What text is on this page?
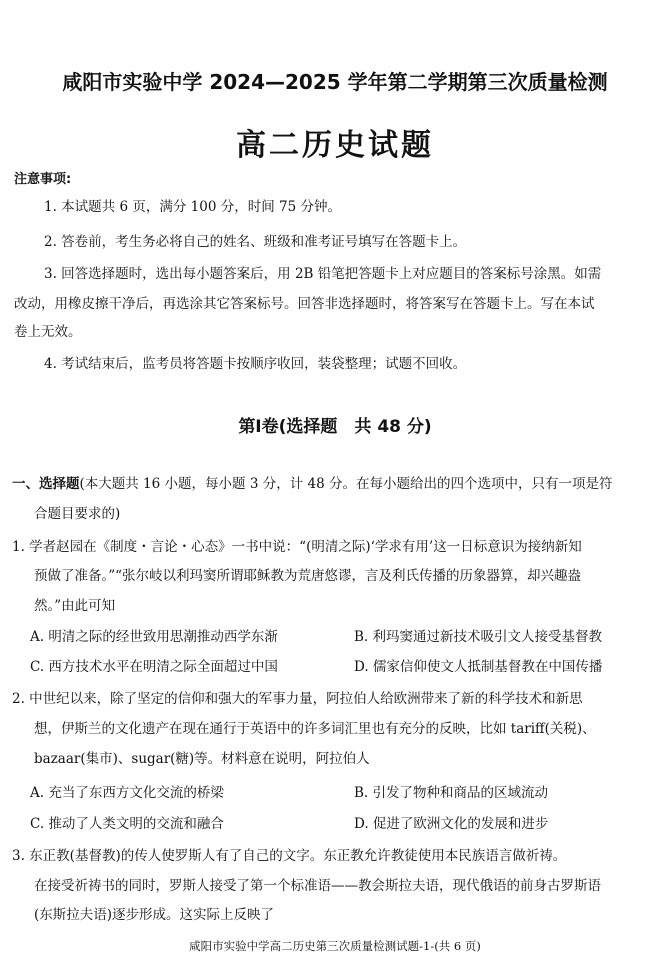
咸阳市实验中学 2024—2025 学年第二学期第三次质量检测
高二历史试题
注意事项:
1. 本试题共 6 页，满分 100 分，时间 75 分钟。
2. 答卷前，考生务必将自己的姓名、班级和准考证号填写在答题卡上。
3. 回答选择题时，选出每小题答案后，用 2B 铅笔把答题卡上对应题目的答案标号涂黑。如需
改动，用橡皮擦干净后，再选涂其它答案标号。回答非选择题时，将答案写在答题卡上。写在本试
卷上无效。
4. 考试结束后，监考员将答题卡按顺序收回，装袋整理；试题不回收。
第Ⅰ卷(选择题　共 48 分)
一、选择题(本大题共 16 小题，每小题 3 分，计 48 分。在每小题给出的四个选项中，只有一项是符
合题目要求的)
1. 学者赵园在《制度・言论・心态》一书中说：“(明清之际)‘学求有用’这一日标意识为接纳新知
预做了准备。”“张尔岐以利玛窦所谓耶稣教为荒唐悠谬，言及利氏传播的历象器算，却兴趣盎
然。”由此可知
A. 明清之际的经世致用思潮推动西学东渐	B. 利玛窦通过新技术吸引文人接受基督教
C. 西方技术水平在明清之际全面超过中国	D. 儒家信仰使文人抵制基督教在中国传播
2. 中世纪以来，除了坚定的信仰和强大的军事力量，阿拉伯人给欧洲带来了新的科学技术和新思
想，伊斯兰的文化遗产在现在通行于英语中的许多词汇里也有充分的反映，比如 tariff(关税)、
bazaar(集市)、sugar(糖)等。材料意在说明，阿拉伯人
A. 充当了东西方文化交流的桥梁	B. 引发了物种和商品的区域流动
C. 推动了人类文明的交流和融合	D. 促进了欧洲文化的发展和进步
3. 东正教(基督教)的传人使罗斯人有了自己的文字。东正教允许教徒使用本民族语言做祈祷。
在接受祈祷书的同时，罗斯人接受了第一个标准语——教会斯拉夫语，现代俄语的前身古罗斯语
(东斯拉夫语)逐步形成。这实际上反映了
咸阳市实验中学高二历史第三次质量检测试题-1-(共 6 页)
